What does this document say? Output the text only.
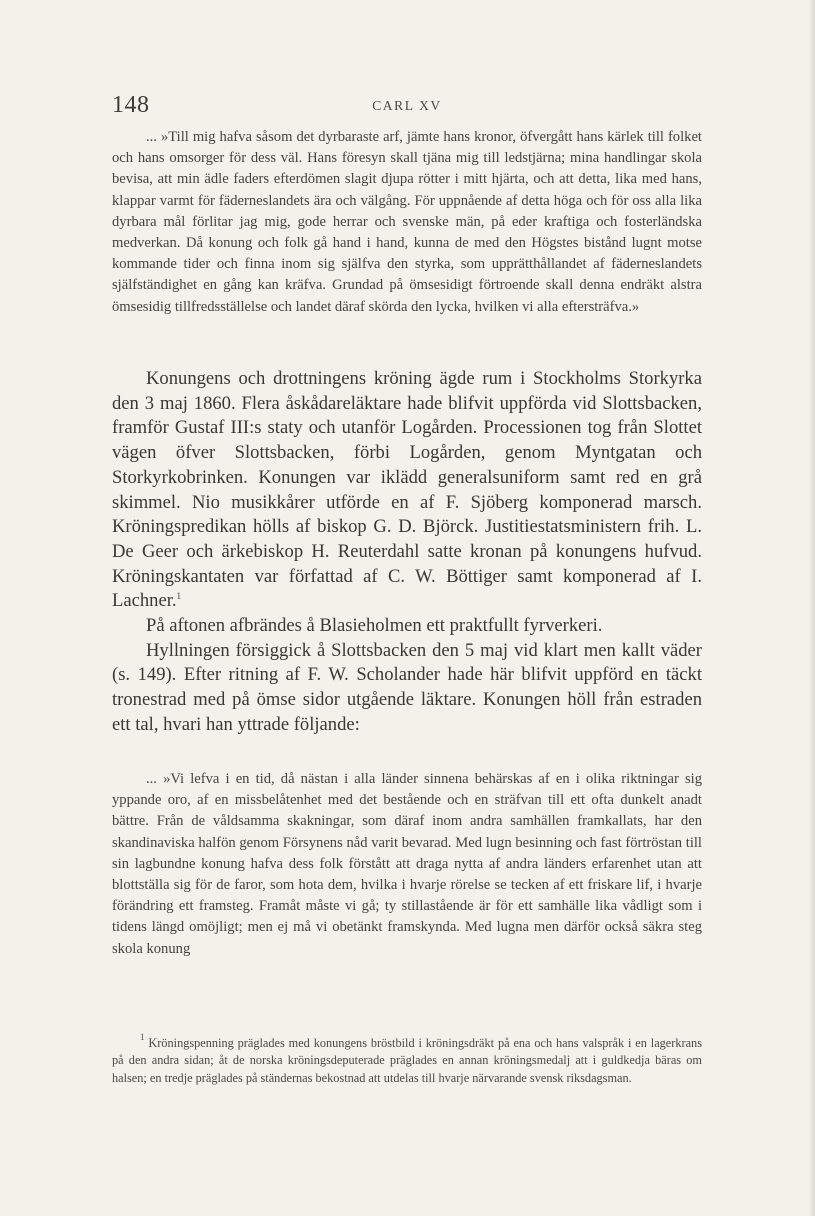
148	CARL XV

... »Till mig hafva såsom det dyrbaraste arf, jämte hans kronor, öfvergått hans kärlek till folket och hans omsorger för dess väl. Hans föresyn skall tjäna mig till ledstjärna; mina handlingar skola bevisa, att min ädle faders efterdömen slagit djupa rötter i mitt hjärta, och att detta, lika med hans, klappar varmt för fäderneslandets ära och välgång. För uppnående af detta höga och för oss alla lika dyrbara mål förlitar jag mig, gode herrar och svenske män, på eder kraftiga och fosterländska medverkan. Då konung och folk gå hand i hand, kunna de med den Högstes bistånd lugnt motse kommande tider och finna inom sig själfva den styrka, som upprätthållandet af fäderneslandets själfständighet en gång kan kräfva. Grundad på ömsesidigt förtroende skall denna endräkt alstra ömsesidig tillfredsställelse och landet däraf skörda den lycka, hvilken vi alla eftersträfva.»

Konungens och drottningens kröning ägde rum i Stockholms Storkyrka den 3 maj 1860. Flera åskådareläktare hade blifvit uppförda vid Slottsbacken, framför Gustaf III:s staty och utanför Logården. Processionen tog från Slottet vägen öfver Slottsbacken, förbi Logården, genom Myntgatan och Storkyrkobrinken. Konungen var iklädd generalsuniform samt red en grå skimmel. Nio musikkårer utförde en af F. Sjöberg komponerad marsch. Kröningspredikan hölls af biskop G. D. Björck. Justitiestatsministern frih. L. De Geer och ärkebiskop H. Reuterdahl satte kronan på konungens hufvud. Kröningskantaten var författad af C. W. Böttiger samt komponerad af I. Lachner.$^1$

På aftonen afbrändes å Blasieholmen ett praktfullt fyrverkeri.

Hyllningen försiggick å Slottsbacken den 5 maj vid klart men kallt väder (s. 149). Efter ritning af F. W. Scholander hade här blifvit uppförd en täckt tronestrad med på ömse sidor utgående läktare. Konungen höll från estraden ett tal, hvari han yttrade följande:

... »Vi lefva i en tid, då nästan i alla länder sinnena behärskas af en i olika riktningar sig yppande oro, af en missbelåtenhet med det bestående och en sträfvan till ett ofta dunkelt anadt bättre. Från de våldsamma skakningar, som däraf inom andra samhällen framkallats, har den skandinaviska halfön genom Försynens nåd varit bevarad. Med lugn besinning och fast förtröstan till sin lagbundne konung hafva dess folk förstått att draga nytta af andra länders erfarenhet utan att blottställa sig för de faror, som hota dem, hvilka i hvarje rörelse se tecken af ett friskare lif, i hvarje förändring ett framsteg. Framåt måste vi gå; ty stillastående är för ett samhälle lika vådligt som i tidens längd omöjligt; men ej må vi obetänkt framskynda. Med lugna men därför också säkra steg skola konung

$^1$ Kröningspenning präglades med konungens bröstbild i kröningsdräkt på ena och hans valspråk i en lagerkrans på den andra sidan; åt de norska kröningsdeputerade präglades en annan kröningsmedalj att i guldkedja bäras om halsen; en tredje präglades på ständernas bekostnad att utdelas till hvarje närvarande svensk riksdagsman.
